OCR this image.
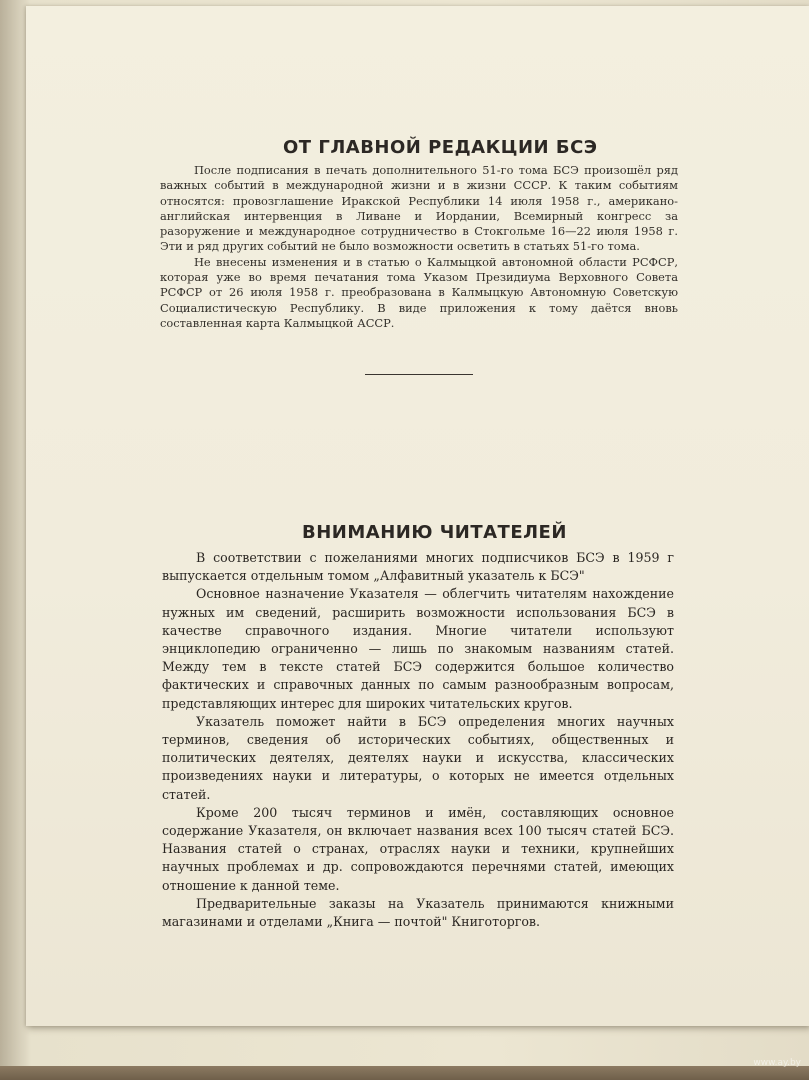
ОТ ГЛАВНОЙ РЕДАКЦИИ БСЭ

После подписания в печать дополнительного 51-го тома БСЭ произошёл ряд важных событий в международной жизни и в жизни СССР. К таким событиям относятся: провозглашение Иракской Республики 14 июля 1958 г., американо-английская интервенция в Ливане и Иордании, Всемирный конгресс за разоружение и международное сотрудничество в Стокгольме 16—22 июля 1958 г. Эти и ряд других событий не было возможности осветить в статьях 51-го тома.

Не внесены изменения и в статью о Калмыцкой автономной области РСФСР, которая уже во время печатания тома Указом Президиума Верховного Совета РСФСР от 26 июля 1958 г. преобразована в Калмыцкую Автономную Советскую Социалистическую Республику. В виде приложения к тому даётся вновь составленная карта Калмыцкой АССР.

ВНИМАНИЮ ЧИТАТЕЛЕЙ

В соответствии с пожеланиями многих подписчиков БСЭ в 1959 г выпускается отдельным томом „Алфавитный указатель к БСЭ"

Основное назначение Указателя — облегчить читателям нахождение нужных им сведений, расширить возможности использования БСЭ в качестве справочного издания. Многие читатели используют энциклопедию ограниченно — лишь по знакомым названиям статей. Между тем в тексте статей БСЭ содержится большое количество фактических и справочных данных по самым разнообразным вопросам, представляющих интерес для широких читательских кругов.

Указатель поможет найти в БСЭ определения многих научных терминов, сведения об исторических событиях, общественных и политических деятелях, деятелях науки и искусства, классических произведениях науки и литературы, о которых не имеется отдельных статей.

Кроме 200 тысяч терминов и имён, составляющих основное содержание Указателя, он включает названия всех 100 тысяч статей БСЭ. Названия статей о странах, отраслях науки и техники, крупнейших научных проблемах и др. сопровождаются перечнями статей, имеющих отношение к данной теме.

Предварительные заказы на Указатель принимаются книжными магазинами и отделами „Книга — почтой" Книготоргов.

www.ay.by
